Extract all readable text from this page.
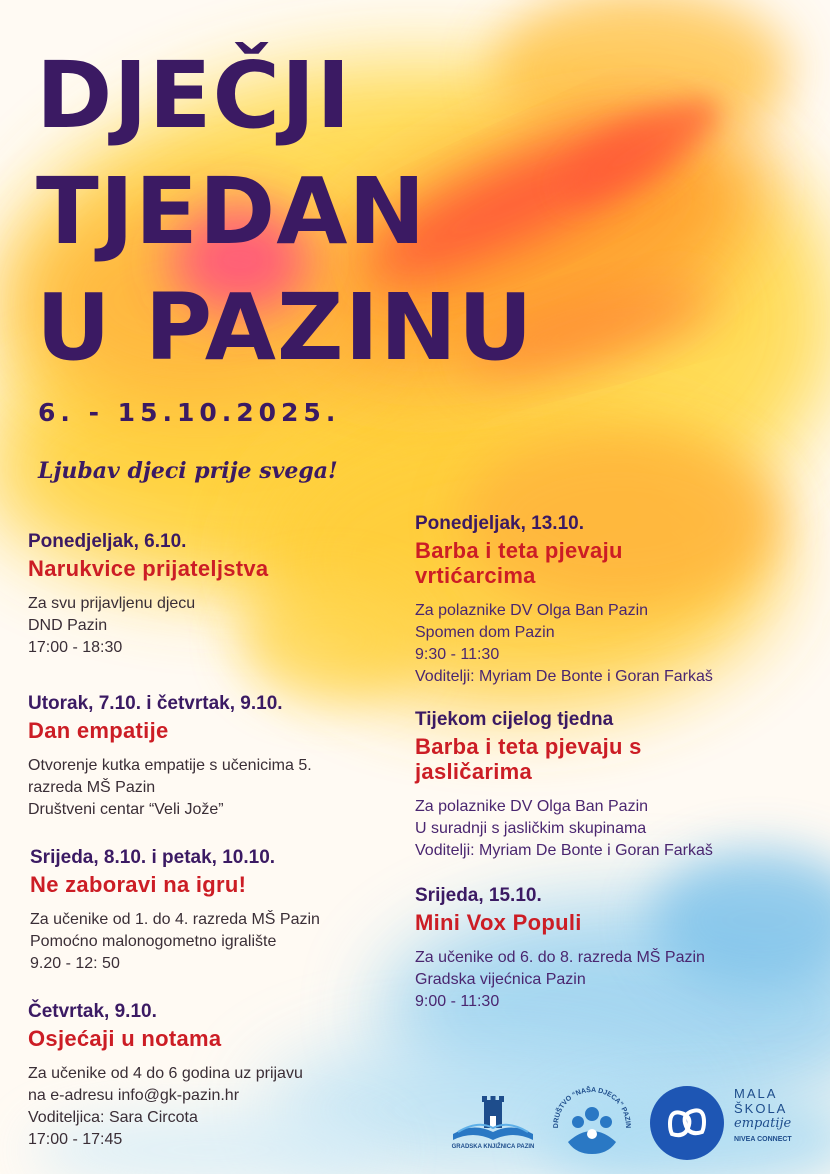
DJEČJI
TJEDAN
U PAZINU
6. - 15.10.2025.
Ljubav djeci prije svega!
Ponedjeljak, 6.10.
Narukvice prijateljstva
Za svu prijavljenu djecu
DND Pazin
17:00 - 18:30
Utorak, 7.10. i četvrtak, 9.10.
Dan empatije
Otvorenje kutka empatije s učenicima 5.
razreda MŠ Pazin
Društveni centar “Veli Jože”
Srijeda, 8.10. i petak, 10.10.
Ne zaboravi na igru!
Za učenike od 1. do 4. razreda MŠ Pazin
Pomoćno malonogometno igralište
9.20 - 12: 50
Četvrtak, 9.10.
Osjećaji u notama
Za učenike od 4 do 6 godina uz prijavu
na e-adresu info@gk-pazin.hr
Voditeljica: Sara Circota
17:00 - 17:45
Ponedjeljak, 13.10.
Barba i teta pjevaju
vrtićarcima
Za polaznike DV Olga Ban Pazin
Spomen dom Pazin
9:30 - 11:30
Voditelji: Myriam De Bonte i Goran Farkaš
Tijekom cijelog tjedna
Barba i teta pjevaju s
jasličarima
Za polaznike DV Olga Ban Pazin
U suradnji s jasličkim skupinama
Voditelji: Myriam De Bonte i Goran Farkaš
Srijeda, 15.10.
Mini Vox Populi
Za učenike od 6. do 8. razreda MŠ Pazin
Gradska vijećnica Pazin
9:00 - 11:30
GRADSKA KNJIŽNICA PAZIN
DRUŠTVO “NAŠA DJECA” PAZIN
MALA
ŠKOLA
empatije
NIVEA CONNECT
